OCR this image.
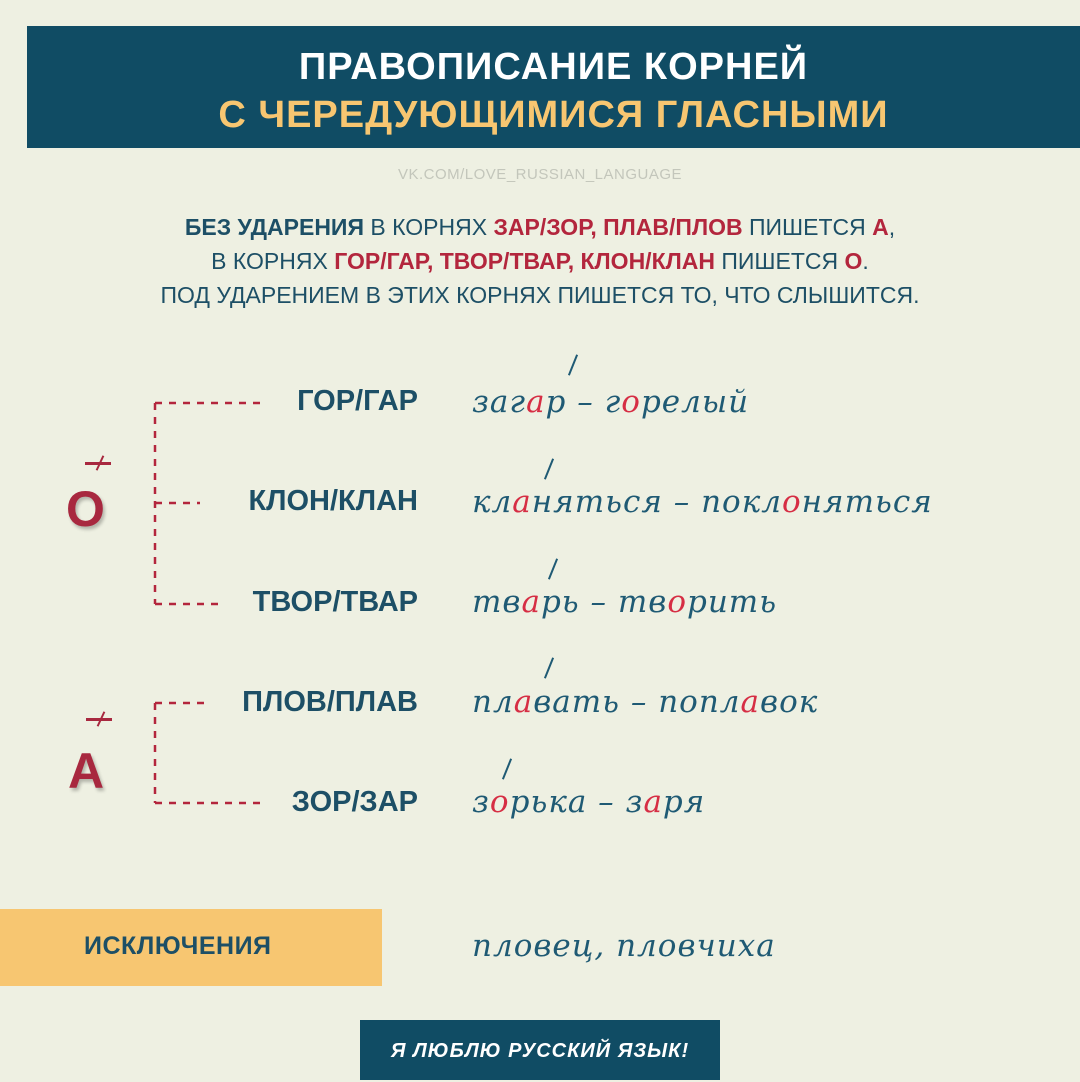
ПРАВОПИСАНИЕ КОРНЕЙ
С ЧЕРЕДУЮЩИМИСЯ ГЛАСНЫМИ
VK.COM/LOVE_RUSSIAN_LANGUAGE
БЕЗ УДАРЕНИЯ В КОРНЯХ ЗАР/ЗОР, ПЛАВ/ПЛОВ ПИШЕТСЯ А,
В КОРНЯХ ГОР/ГАР, ТВОР/ТВАР, КЛОН/КЛАН ПИШЕТСЯ О.
ПОД УДАРЕНИЕМ В ЭТИХ КОРНЯХ ПИШЕТСЯ ТО, ЧТО СЛЫШИТСЯ.
О
А
ГОР/ГАР
КЛОН/КЛАН
ТВОР/ТВАР
ПЛОВ/ПЛАВ
ЗОР/ЗАР
загар – горелый
кланяться – поклоняться
тварь – творить
плавать – поплавок
зорька – заря
ИСКЛЮЧЕНИЯ	пловец, пловчиха
Я ЛЮБЛЮ РУССКИЙ ЯЗЫК!
